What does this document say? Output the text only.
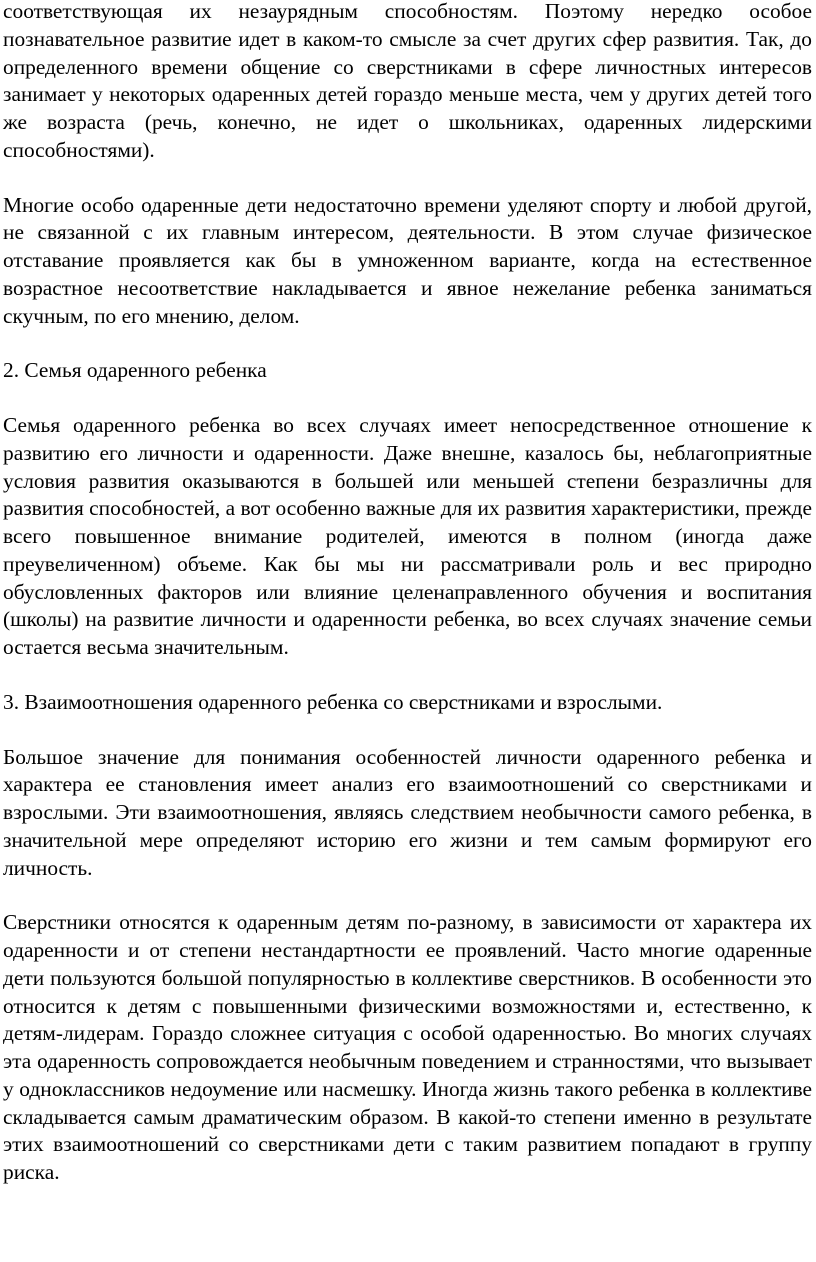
соответствующая их незаурядным способностям. Поэтому нередко особое познавательное развитие идет в каком-то смысле за счет других сфер развития. Так, до определенного времени общение со сверстниками в сфере личностных интересов занимает у некоторых одаренных детей гораздо меньше места, чем у других детей того же возраста (речь, конечно, не идет о школьниках, одаренных лидерскими способностями).

Многие особо одаренные дети недостаточно времени уделяют спорту и любой другой, не связанной с их главным интересом, деятельности. В этом случае физическое отставание проявляется как бы в умноженном варианте, когда на естественное возрастное несоответствие накладывается и явное нежелание ребенка заниматься скучным, по его мнению, делом.

2. Семья одаренного ребенка

Семья одаренного ребенка во всех случаях имеет непосредственное отношение к развитию его личности и одаренности. Даже внешне, казалось бы, неблагоприятные условия развития оказываются в большей или меньшей степени безразличны для развития способностей, а вот особенно важные для их развития характеристики, прежде всего повышенное внимание родителей, имеются в полном (иногда даже преувеличенном) объеме. Как бы мы ни рассматривали роль и вес природно обусловленных факторов или влияние целенаправленного обучения и воспитания (школы) на развитие личности и одаренности ребенка, во всех случаях значение семьи остается весьма значительным.

3. Взаимоотношения одаренного ребенка со сверстниками и взрослыми.

Большое значение для понимания особенностей личности одаренного ребенка и характера ее становления имеет анализ его взаимоотношений со сверстниками и взрослыми. Эти взаимоотношения, являясь следствием необычности самого ребенка, в значительной мере определяют историю его жизни и тем самым формируют его личность.

Сверстники относятся к одаренным детям по-разному, в зависимости от характера их одаренности и от степени нестандартности ее проявлений. Часто многие одаренные дети пользуются большой популярностью в коллективе сверстников. В особенности это относится к детям с повышенными физическими возможностями и, естественно, к детям-лидерам. Гораздо сложнее ситуация с особой одаренностью. Во многих случаях эта одаренность сопровождается необычным поведением и странностями, что вызывает у одноклассников недоумение или насмешку. Иногда жизнь такого ребенка в коллективе складывается самым драматическим образом. В какой-то степени именно в результате этих взаимоотношений со сверстниками дети с таким развитием попадают в группу риска.
